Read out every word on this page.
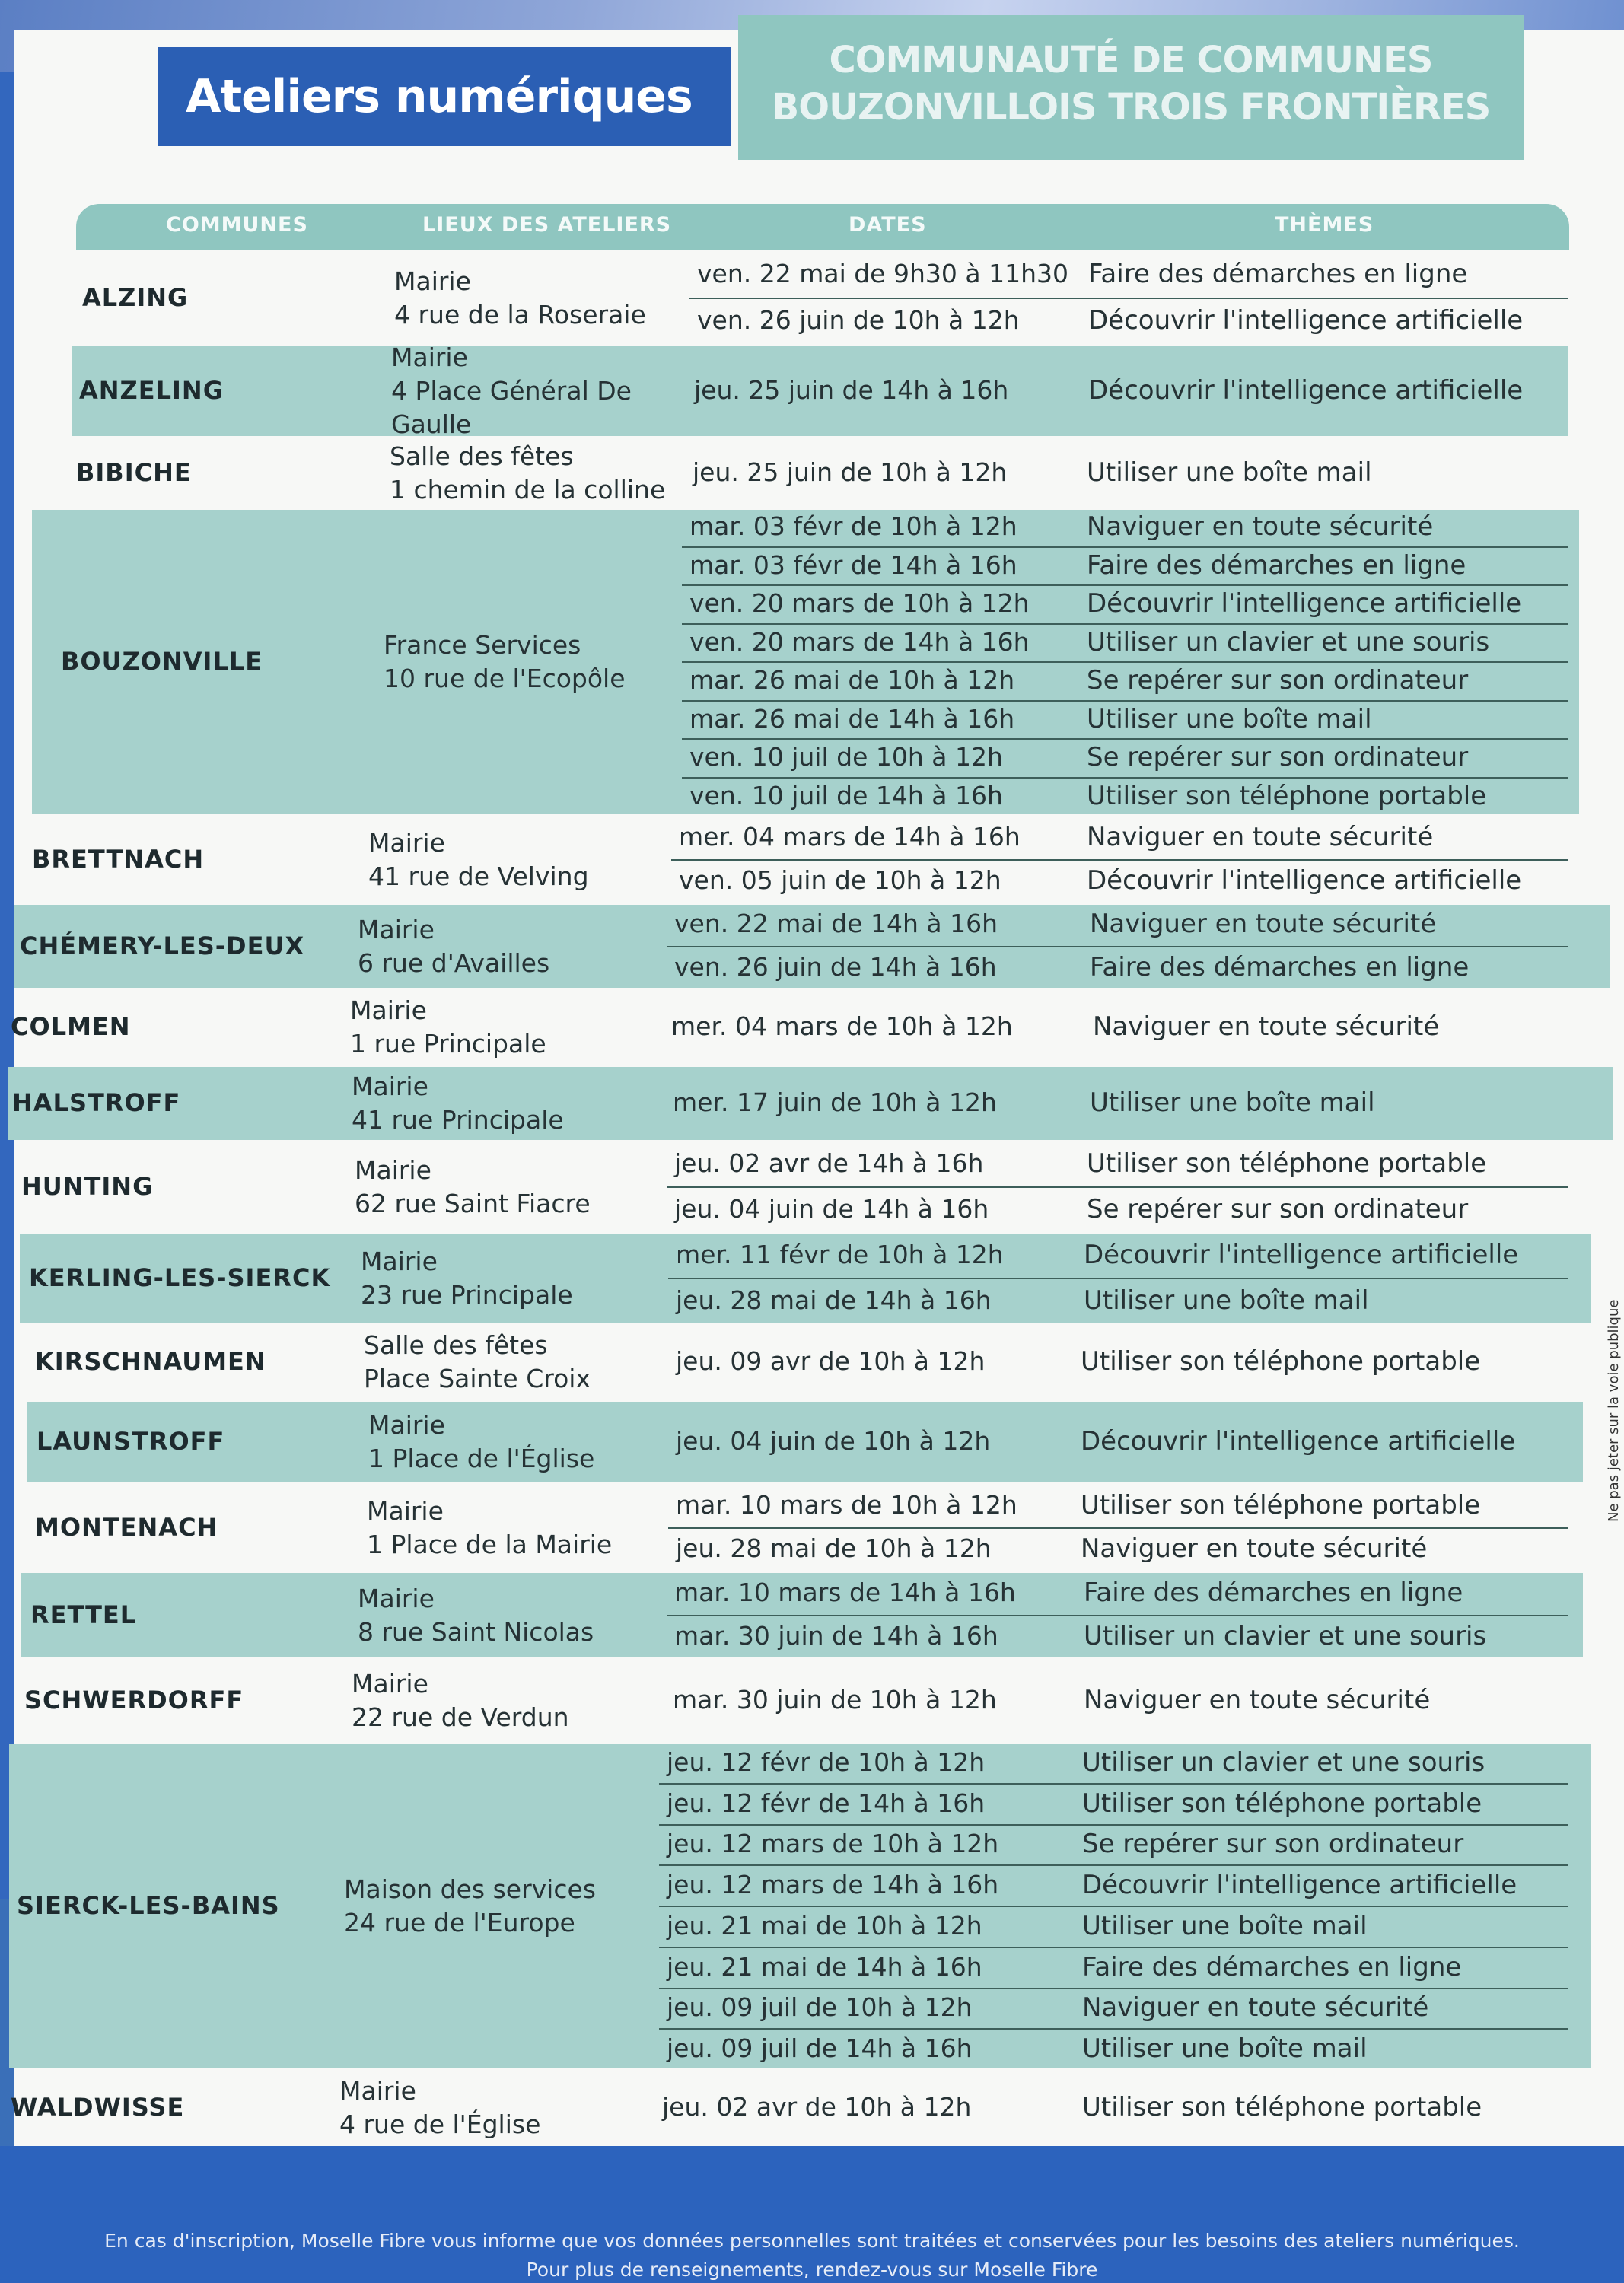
Ateliers numériques
COMMUNAUTÉ DE COMMUNES
BOUZONVILLOIS TROIS FRONTIÈRES
COMMUNES	LIEUX DES ATELIERS	DATES	THÈMES
ALZING
Mairie
4 rue de la Roseraie
ven. 22 mai de 9h30 à 11h30 Faire des démarches en ligne
ven. 26 juin de 10h à 12h	Découvrir l'intelligence artificielle
ANZELING
Mairie
4 Place Général De
Gaulle
jeu. 25 juin de 14h à 16h	Découvrir l'intelligence artificielle
BIBICHE
Salle des fêtes
1 chemin de la colline
jeu. 25 juin de 10h à 12h	Utiliser une boîte mail
BOUZONVILLE
France Services
10 rue de l'Ecopôle
mar. 03 févr de 10h à 12h	Naviguer en toute sécurité
mar. 03 févr de 14h à 16h	Faire des démarches en ligne
ven. 20 mars de 10h à 12h Découvrir l'intelligence artificielle
ven. 20 mars de 14h à 16h Utiliser un clavier et une souris
mar. 26 mai de 10h à 12h	Se repérer sur son ordinateur
mar. 26 mai de 14h à 16h	Utiliser une boîte mail
ven. 10 juil de 10h à 12h	Se repérer sur son ordinateur
ven. 10 juil de 14h à 16h	Utiliser son téléphone portable
BRETTNACH
Mairie
41 rue de Velving
mer. 04 mars de 14h à 16h	Naviguer en toute sécurité
ven. 05 juin de 10h à 12h	Découvrir l'intelligence artificielle
CHÉMERY-LES-DEUX
Mairie
6 rue d'Availles
ven. 22 mai de 14h à 16h	Naviguer en toute sécurité
ven. 26 juin de 14h à 16h	Faire des démarches en ligne
COLMEN
Mairie
1 rue Principale
mer. 04 mars de 10h à 12h	Naviguer en toute sécurité
HALSTROFF
Mairie
41 rue Principale
mer. 17 juin de 10h à 12h	Utiliser une boîte mail
HUNTING
Mairie
62 rue Saint Fiacre
jeu. 02 avr de 14h à 16h	Utiliser son téléphone portable
jeu. 04 juin de 14h à 16h	Se repérer sur son ordinateur
KERLING-LES-SIERCK
Mairie
23 rue Principale
mer. 11 févr de 10h à 12h	Découvrir l'intelligence artificielle
jeu. 28 mai de 14h à 16h	Utiliser une boîte mail
KIRSCHNAUMEN
Salle des fêtes
Place Sainte Croix
jeu. 09 avr de 10h à 12h	Utiliser son téléphone portable
LAUNSTROFF
Mairie
1 Place de l'Église
jeu. 04 juin de 10h à 12h	Découvrir l'intelligence artificielle
MONTENACH
Mairie
1 Place de la Mairie
mar. 10 mars de 10h à 12h Utiliser son téléphone portable
jeu. 28 mai de 10h à 12h	Naviguer en toute sécurité
RETTEL
Mairie
8 rue Saint Nicolas
mar. 10 mars de 14h à 16h	Faire des démarches en ligne
mar. 30 juin de 14h à 16h	Utiliser un clavier et une souris
SCHWERDORFF
Mairie
22 rue de Verdun
mar. 30 juin de 10h à 12h	Naviguer en toute sécurité
SIERCK-LES-BAINS
Maison des services
24 rue de l'Europe
jeu. 12 févr de 10h à 12h	Utiliser un clavier et une souris
jeu. 12 févr de 14h à 16h	Utiliser son téléphone portable
jeu. 12 mars de 10h à 12h	Se repérer sur son ordinateur
jeu. 12 mars de 14h à 16h	Découvrir l'intelligence artificielle
jeu. 21 mai de 10h à 12h	Utiliser une boîte mail
jeu. 21 mai de 14h à 16h	Faire des démarches en ligne
jeu. 09 juil de 10h à 12h	Naviguer en toute sécurité
jeu. 09 juil de 14h à 16h	Utiliser une boîte mail
WALDWISSE
Mairie
4 rue de l'Église
jeu. 02 avr de 10h à 12h	Utiliser son téléphone portable
Ne pas jeter sur la voie publique
En cas d'inscription, Moselle Fibre vous informe que vos données personnelles sont traitées et conservées pour les besoins des ateliers numériques.
Pour plus de renseignements, rendez-vous sur Moselle Fibre
